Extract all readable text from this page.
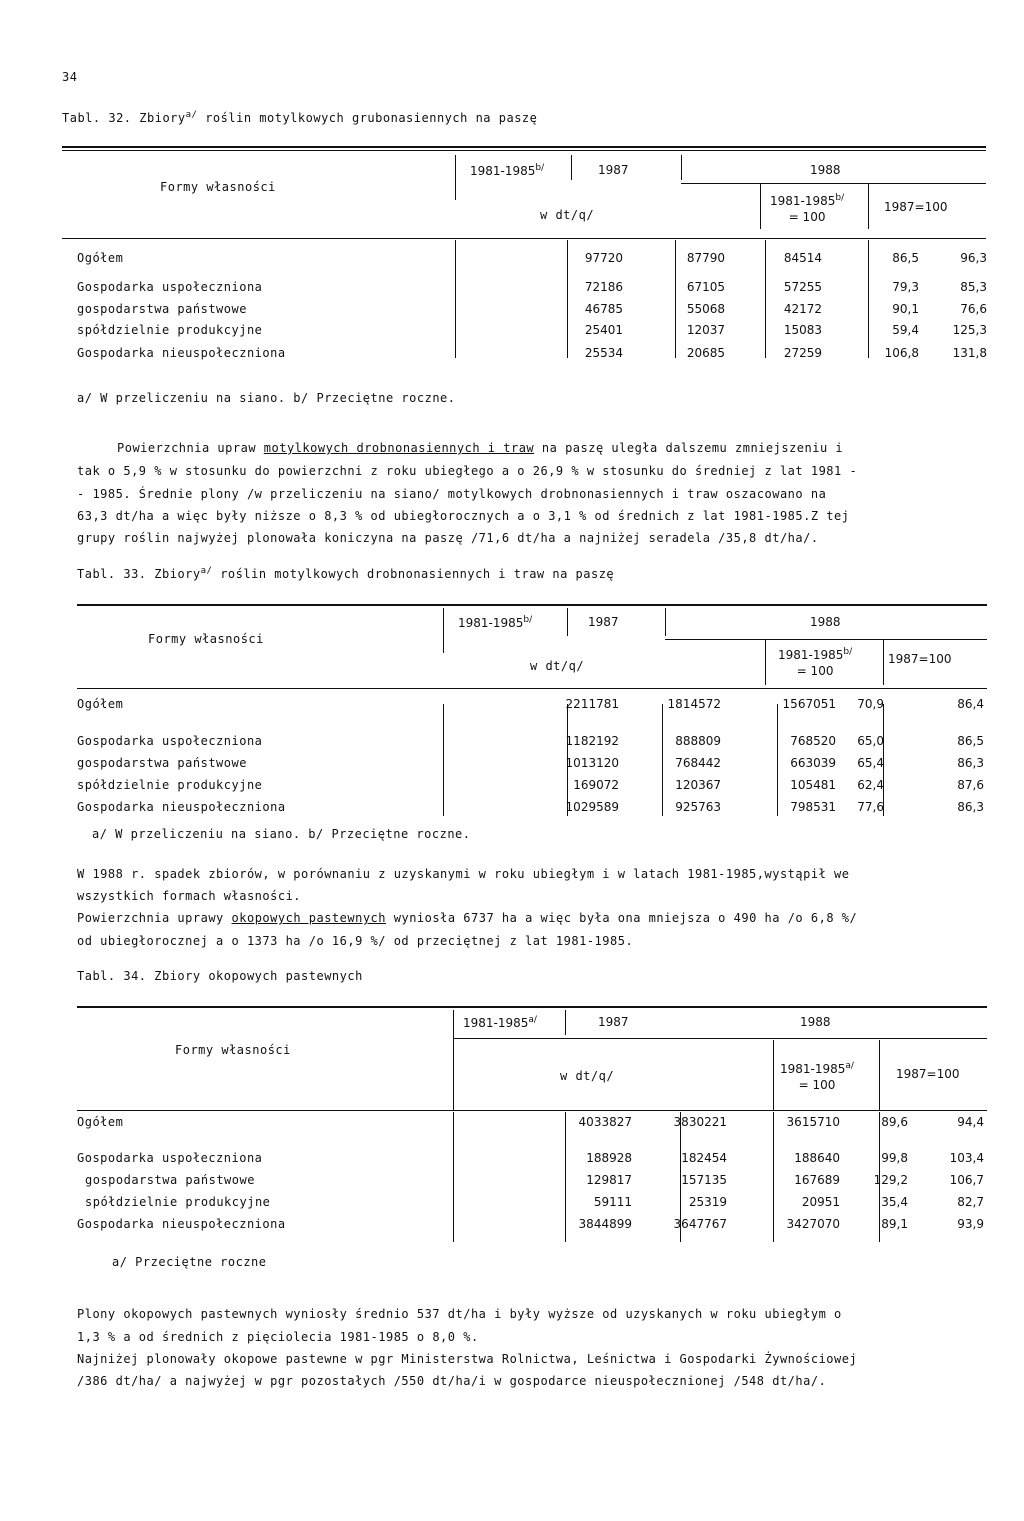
34
Tabl. 32. Zbiory$^{a/}$ roślin motylkowych grubonasiennych na paszę
Formy własności
$1981-1985^{b/}$	1987	1988
w dt/q/
$1981-1985^{b/}$
= 100
1987=100
Ogółem	97720	87790	84514	86,5	96,3
Gospodarka uspołeczniona	72186	67105	57255	79,3	85,3
gospodarstwa państwowe	46785	55068	42172	90,1	76,6
spółdzielnie produkcyjne	25401	12037	15083	59,4	125,3
Gospodarka nieuspołeczniona	25534	20685	27259	106,8	131,8
a/ W przeliczeniu na siano. b/ Przeciętne roczne.
Powierzchnia upraw motylkowych drobnonasiennych i traw na paszę uległa dalszemu zmniejszeniu i
tak o 5,9 % w stosunku do powierzchni z roku ubiegłego a o 26,9 % w stosunku do średniej z lat 1981 -
- 1985. Średnie plony /w przeliczeniu na siano/ motylkowych drobnonasiennych i traw oszacowano na
63,3 dt/ha a więc były niższe o 8,3 % od ubiegłorocznych a o 3,1 % od średnich z lat 1981-1985.Z tej
grupy roślin najwyżej plonowała koniczyna na paszę /71,6 dt/ha a najniżej seradela /35,8 dt/ha/.
Tabl. 33. Zbiory$^{a/}$ roślin motylkowych drobnonasiennych i traw na paszę
Formy własności
$1981-1985^{b/}$	1987	1988
w dt/q/
$1981-1985^{b/}$
= 100
1987=100
Ogółem	2211781	1814572	1567051 70,9	86,4
Gospodarka uspołeczniona	1182192	888809	768520 65,0	86,5
gospodarstwa państwowe	1013120	768442	663039 65,4	86,3
spółdzielnie produkcyjne	169072	120367	105481 62,4	87,6
Gospodarka nieuspołeczniona	1029589	925763	798531 77,6	86,3
a/ W przeliczeniu na siano. b/ Przeciętne roczne.
W 1988 r. spadek zbiorów, w porównaniu z uzyskanymi w roku ubiegłym i w latach 1981-1985,wystąpił we
wszystkich formach własności.
Powierzchnia uprawy okopowych pastewnych wyniosła 6737 ha a więc była ona mniejsza o 490 ha /o 6,8 %/
od ubiegłorocznej a o 1373 ha /o 16,9 %/ od przeciętnej z lat 1981-1985.
Tabl. 34. Zbiory okopowych pastewnych
Formy własności
$1981-1985^{a/}$	1987	1988
w dt/q/	$1981-1985^{a/}$
= 100
1987=100
Ogółem	4033827	3830221	3615710	89,6	94,4
Gospodarka uspołeczniona	188928	182454	188640	99,8	103,4
gospodarstwa państwowe	129817	157135	167689	129,2	106,7
spółdzielnie produkcyjne	59111	25319	20951	35,4	82,7
Gospodarka nieuspołeczniona	3844899	3647767	3427070	89,1	93,9
a/ Przeciętne roczne
Plony okopowych pastewnych wyniosły średnio 537 dt/ha i były wyższe od uzyskanych w roku ubiegłym o
1,3 % a od średnich z pięciolecia 1981-1985 o 8,0 %.
Najniżej plonowały okopowe pastewne w pgr Ministerstwa Rolnictwa, Leśnictwa i Gospodarki Żywnościowej
/386 dt/ha/ a najwyżej w pgr pozostałych /550 dt/ha/i w gospodarce nieuspołecznionej /548 dt/ha/.
